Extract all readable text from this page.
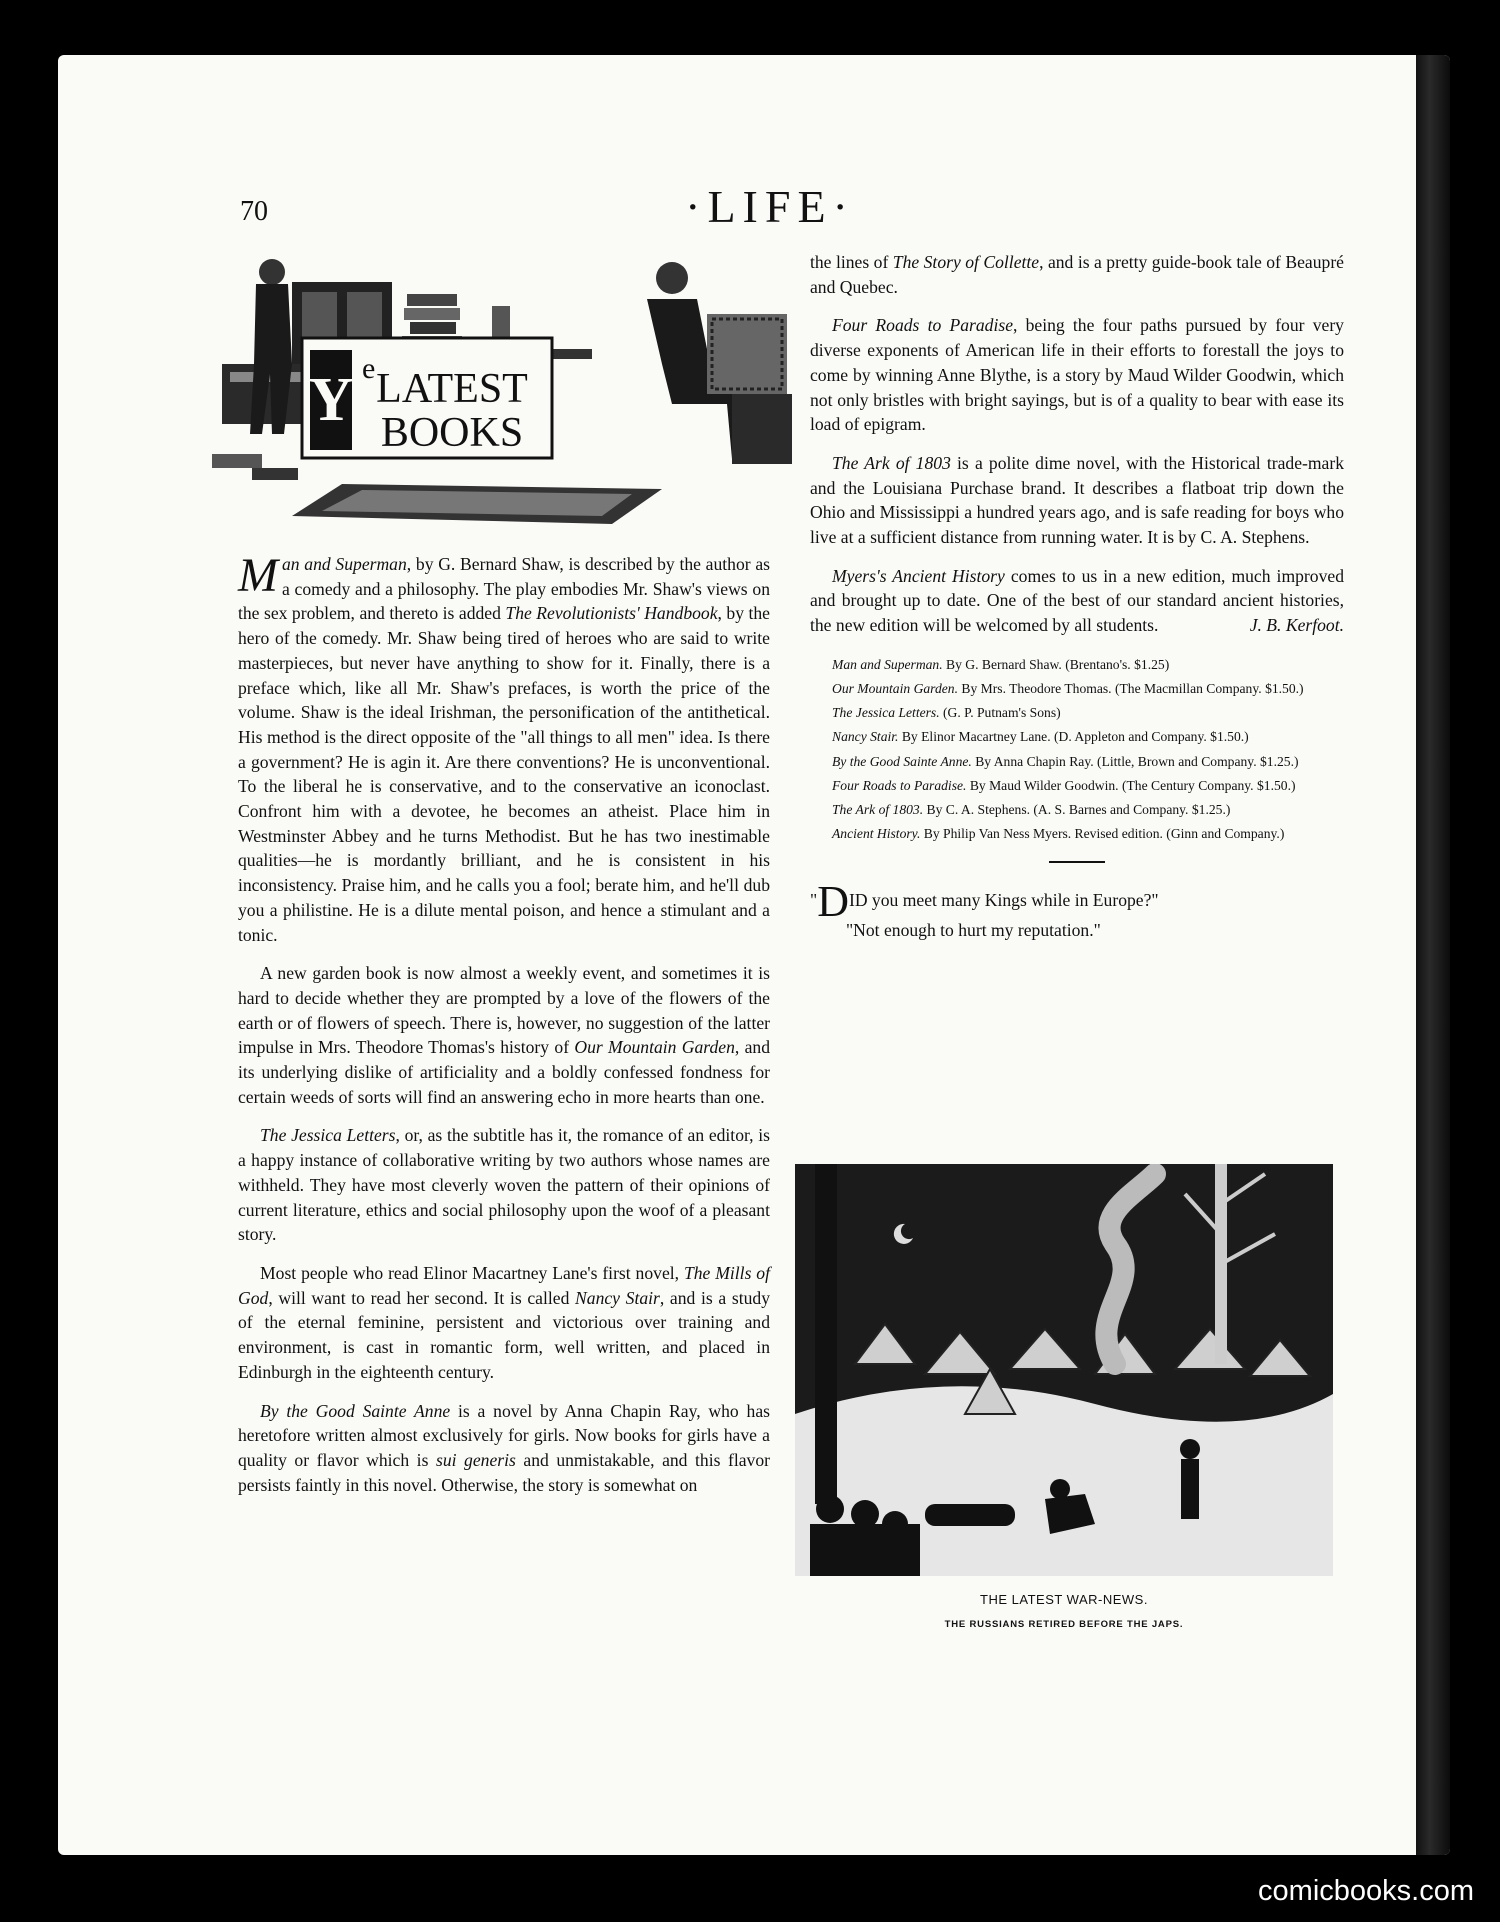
70	·LIFE·
Y e LATEST
BOOKS

Man and Superman, by G. Bernard Shaw, is described by the author as a comedy and a philosophy. The play embodies Mr. Shaw's views on the sex problem, and thereto is added The Revolutionists' Handbook, by the hero of the comedy. Mr. Shaw being tired of heroes who are said to write masterpieces, but never have anything to show for it. Finally, there is a preface which, like all Mr. Shaw's prefaces, is worth the price of the volume. Shaw is the ideal Irishman, the personification of the antithetical. His method is the direct opposite of the "all things to all men" idea. Is there a government? He is agin it. Are there conventions? He is unconventional. To the liberal he is conservative, and to the conservative an iconoclast. Confront him with a devotee, he becomes an atheist. Place him in Westminster Abbey and he turns Methodist. But he has two inestimable qualities—he is mordantly brilliant, and he is consistent in his inconsistency. Praise him, and he calls you a fool; berate him, and he'll dub you a philistine. He is a dilute mental poison, and hence a stimulant and a tonic.

A new garden book is now almost a weekly event, and sometimes it is hard to decide whether they are prompted by a love of the flowers of the earth or of flowers of speech. There is, however, no suggestion of the latter impulse in Mrs. Theodore Thomas's history of Our Mountain Garden, and its underlying dislike of artificiality and a boldly confessed fondness for certain weeds of sorts will find an answering echo in more hearts than one.

The Jessica Letters, or, as the subtitle has it, the romance of an editor, is a happy instance of collaborative writing by two authors whose names are withheld. They have most cleverly woven the pattern of their opinions of current literature, ethics and social philosophy upon the woof of a pleasant story.

Most people who read Elinor Macartney Lane's first novel, The Mills of God, will want to read her second. It is called Nancy Stair, and is a study of the eternal feminine, persistent and victorious over training and environment, is cast in romantic form, well written, and placed in Edinburgh in the eighteenth century.

By the Good Sainte Anne is a novel by Anna Chapin Ray, who has heretofore written almost exclusively for girls. Now books for girls have a quality or flavor which is sui generis and unmistakable, and this flavor persists faintly in this novel. Otherwise, the story is somewhat on

the lines of The Story of Collette, and is a pretty guide-book tale of Beaupré and Quebec.

Four Roads to Paradise, being the four paths pursued by four very diverse exponents of American life in their efforts to forestall the joys to come by winning Anne Blythe, is a story by Maud Wilder Goodwin, which not only bristles with bright sayings, but is of a quality to bear with ease its load of epigram.

The Ark of 1803 is a polite dime novel, with the Historical trade-mark and the Louisiana Purchase brand. It describes a flatboat trip down the Ohio and Mississippi a hundred years ago, and is safe reading for boys who live at a sufficient distance from running water. It is by C. A. Stephens.

Myers's Ancient History comes to us in a new edition, much improved and brought up to date. One of the best of our standard ancient histories, the new edition will be welcomed by all students.	J. B. Kerfoot.

Man and Superman. By G. Bernard Shaw. (Brentano's. $1.25)
Our Mountain Garden. By Mrs. Theodore Thomas. (The Macmillan Company. $1.50.)
The Jessica Letters. (G. P. Putnam's Sons)
Nancy Stair. By Elinor Macartney Lane. (D. Appleton and Company. $1.50.)
By the Good Sainte Anne. By Anna Chapin Ray. (Little, Brown and Company. $1.25.)
Four Roads to Paradise. By Maud Wilder Goodwin. (The Century Company. $1.50.)
The Ark of 1803. By C. A. Stephens. (A. S. Barnes and Company. $1.25.)
Ancient History. By Philip Van Ness Myers. Revised edition. (Ginn and Company.)
"DID you meet many Kings while in Europe?"
"Not enough to hurt my reputation."
THE LATEST WAR-NEWS.
THE RUSSIANS RETIRED BEFORE THE JAPS.
comicbooks.com
